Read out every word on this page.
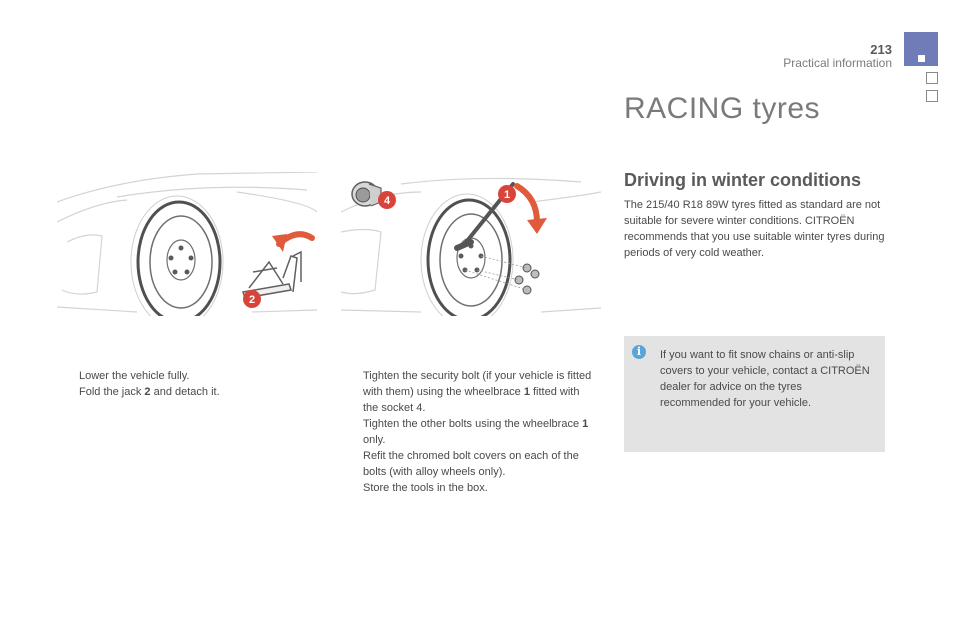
213
Practical information
RACING tyres
Driving in winter conditions

The 215/40 R18 89W tyres fitted as standard are not suitable for severe winter conditions. CITROËN recommends that you use suitable winter tyres during periods of very cold weather.

i	If you want to fit snow chains or anti-slip covers to your vehicle, contact a CITROËN dealer for advice on the tyres recommended for your vehicle.

2
4	1
Lower the vehicle fully.
Fold the jack 2 and detach it.
Tighten the security bolt (if your vehicle is fitted with them) using the wheelbrace 1 fitted with the socket 4.
Tighten the other bolts using the wheelbrace 1 only.
Refit the chromed bolt covers on each of the bolts (with alloy wheels only).
Store the tools in the box.
